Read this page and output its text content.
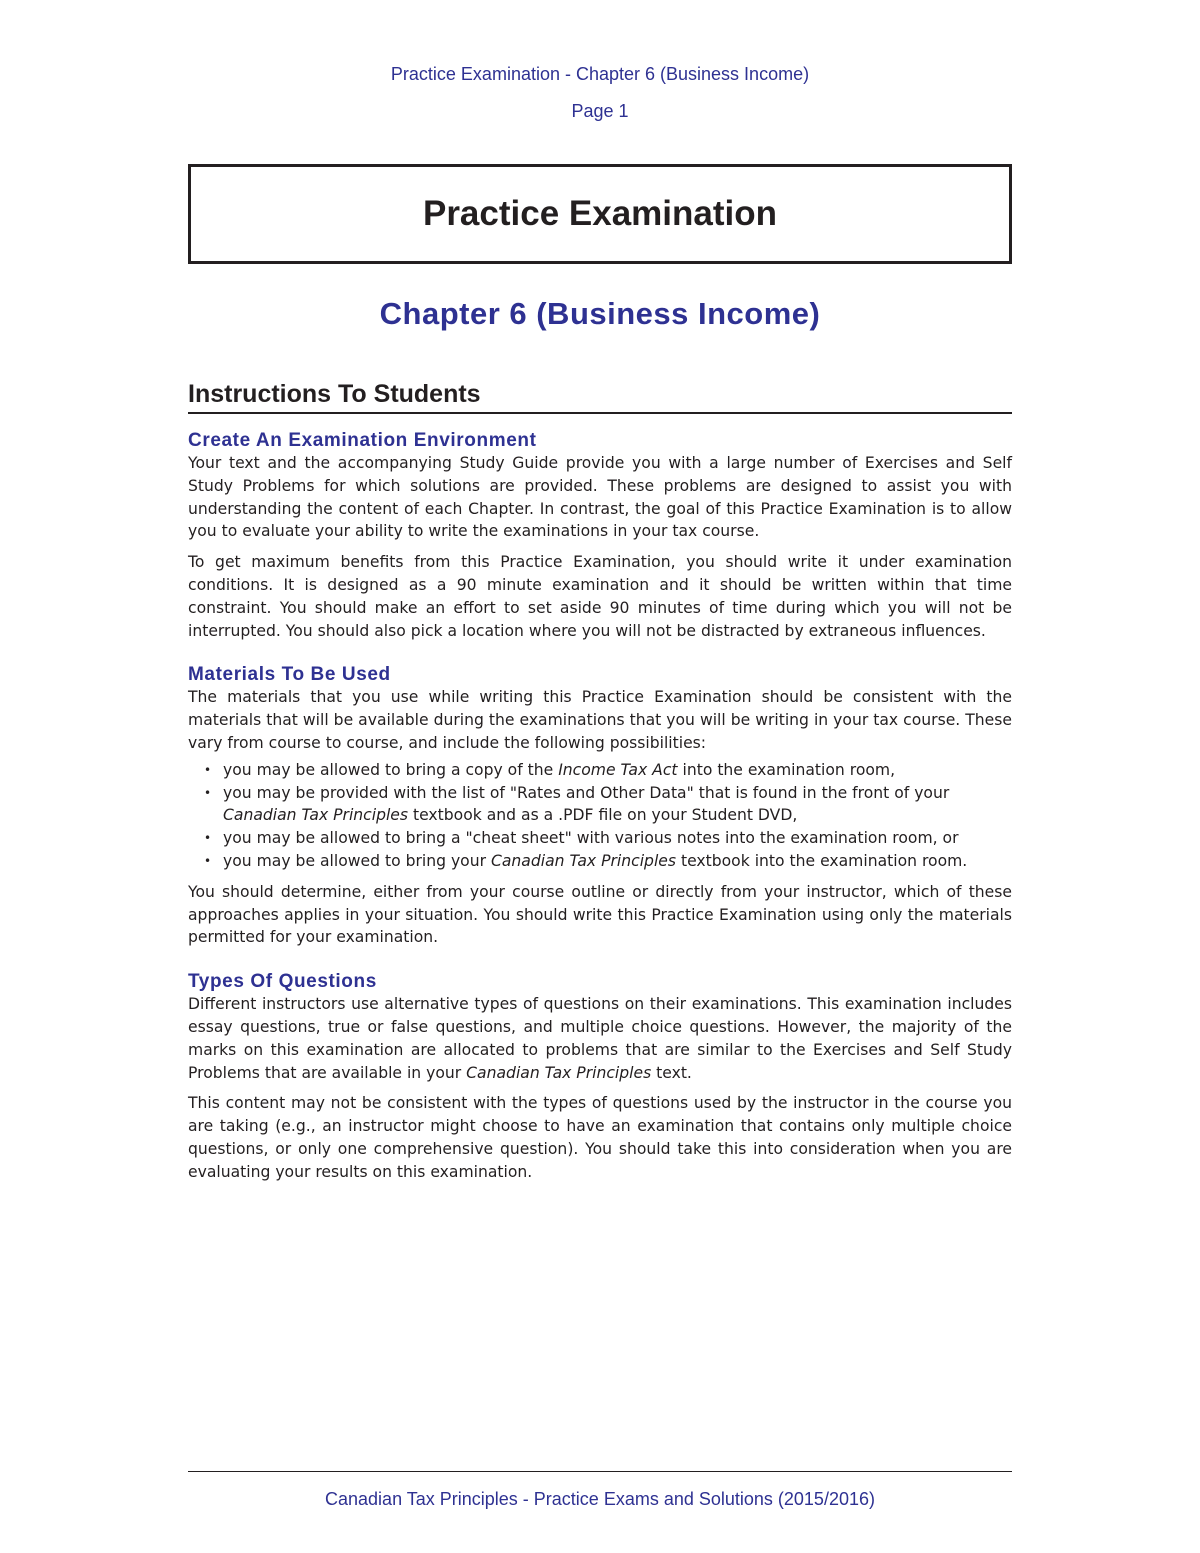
Practice Examination - Chapter 6 (Business Income)
Page 1
Practice Examination
Chapter 6 (Business Income)
Instructions To Students
Create An Examination Environment

Your text and the accompanying Study Guide provide you with a large number of Exercises and Self Study Problems for which solutions are provided. These problems are designed to assist you with understanding the content of each Chapter. In contrast, the goal of this Practice Examination is to allow you to evaluate your ability to write the examinations in your tax course.

To get maximum benefits from this Practice Examination, you should write it under examination conditions. It is designed as a 90 minute examination and it should be written within that time constraint. You should make an effort to set aside 90 minutes of time during which you will not be interrupted. You should also pick a location where you will not be distracted by extraneous influences.

Materials To Be Used

The materials that you use while writing this Practice Examination should be consistent with the materials that will be available during the examinations that you will be writing in your tax course. These vary from course to course, and include the following possibilities:

• you may be allowed to bring a copy of the Income Tax Act into the examination room,
• you may be provided with the list of "Rates and Other Data" that is found in the front of your Canadian Tax Principles textbook and as a .PDF file on your Student DVD,
• you may be allowed to bring a "cheat sheet" with various notes into the examination room, or
• you may be allowed to bring your Canadian Tax Principles textbook into the examination room.

You should determine, either from your course outline or directly from your instructor, which of these approaches applies in your situation. You should write this Practice Examination using only the materials permitted for your examination.

Types Of Questions

Different instructors use alternative types of questions on their examinations. This examination includes essay questions, true or false questions, and multiple choice questions. However, the majority of the marks on this examination are allocated to problems that are similar to the Exercises and Self Study Problems that are available in your Canadian Tax Principles text.

This content may not be consistent with the types of questions used by the instructor in the course you are taking (e.g., an instructor might choose to have an examination that contains only multiple choice questions, or only one comprehensive question). You should take this into consideration when you are evaluating your results on this examination.

Canadian Tax Principles - Practice Exams and Solutions (2015/2016)
